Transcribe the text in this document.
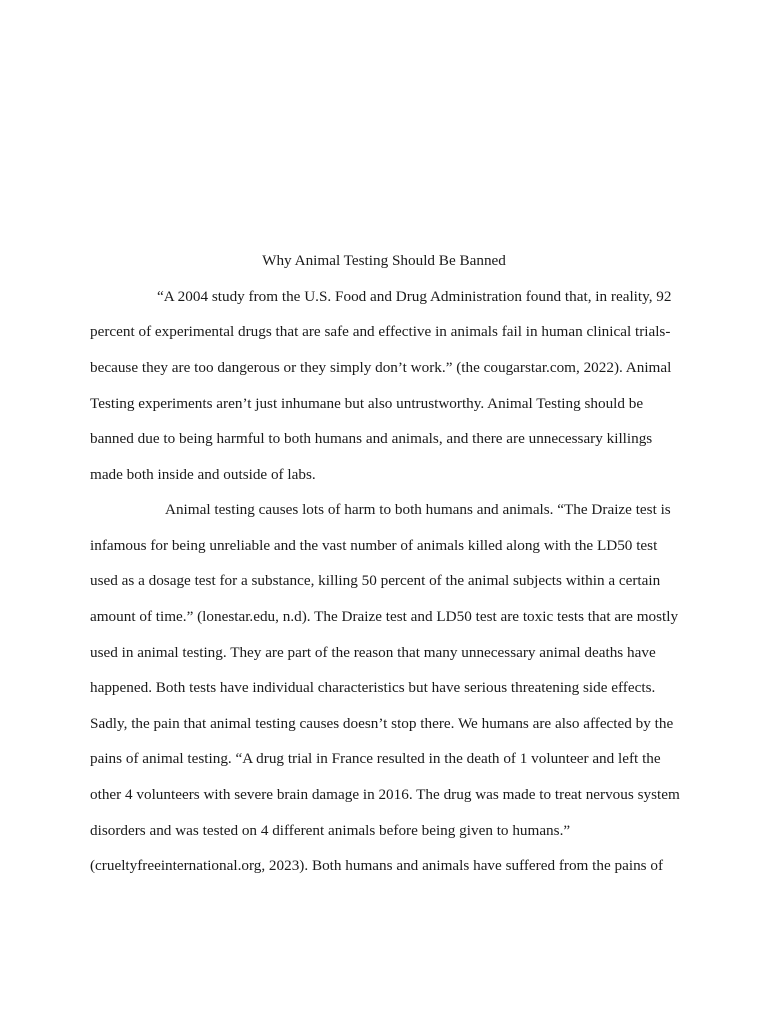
Why Animal Testing Should Be Banned
“A 2004 study from the U.S. Food and Drug Administration found that, in reality, 92
percent of experimental drugs that are safe and effective in animals fail in human clinical trials-
because they are too dangerous or they simply don’t work.” (the cougarstar.com, 2022). Animal
Testing experiments aren’t just inhumane but also untrustworthy. Animal Testing should be
banned due to being harmful to both humans and animals, and there are unnecessary killings
made both inside and outside of labs.
Animal testing causes lots of harm to both humans and animals. “The Draize test is
infamous for being unreliable and the vast number of animals killed along with the LD50 test
used as a dosage test for a substance, killing 50 percent of the animal subjects within a certain
amount of time.” (lonestar.edu, n.d). The Draize test and LD50 test are toxic tests that are mostly
used in animal testing. They are part of the reason that many unnecessary animal deaths have
happened. Both tests have individual characteristics but have serious threatening side effects.
Sadly, the pain that animal testing causes doesn’t stop there. We humans are also affected by the
pains of animal testing. “A drug trial in France resulted in the death of 1 volunteer and left the
other 4 volunteers with severe brain damage in 2016. The drug was made to treat nervous system
disorders and was tested on 4 different animals before being given to humans.”
(crueltyfreeinternational.org, 2023). Both humans and animals have suffered from the pains of
